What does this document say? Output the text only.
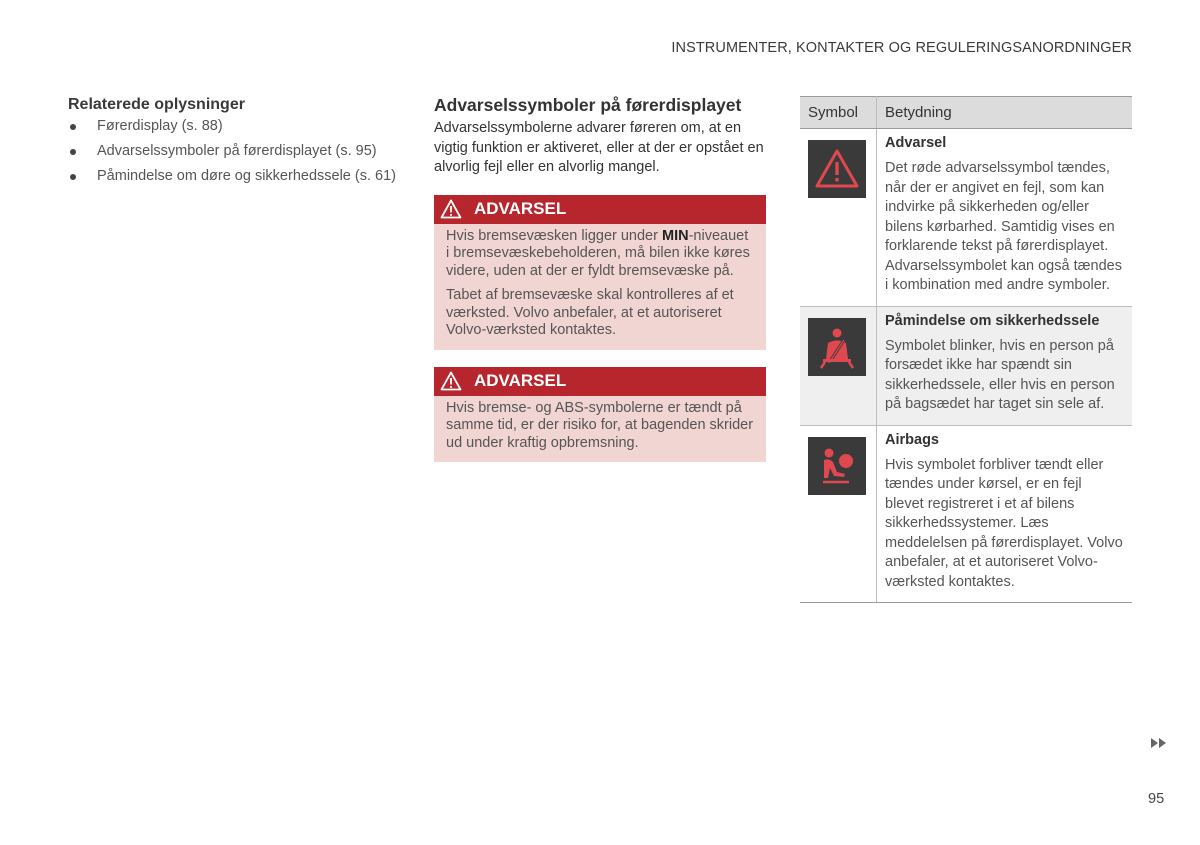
INSTRUMENTER, KONTAKTER OG REGULERINGSANORDNINGER
Relaterede oplysninger
Førerdisplay (s. 88)
Advarselssymboler på førerdisplayet (s. 95)
Påmindelse om døre og sikkerhedssele (s. 61)
Advarselssymboler på førerdisplayet

Advarselssymbolerne advarer føreren om, at en vigtig funktion er aktiveret, eller at der er opstået en alvorlig fejl eller en alvorlig mangel.

ADVARSEL

Hvis bremsevæsken ligger under MIN-niveauet i bremsevæskebeholderen, må bilen ikke køres videre, uden at der er fyldt bremsevæske på.

Tabet af bremsevæske skal kontrolleres af et værksted. Volvo anbefaler, at et autoriseret Volvo-værksted kontaktes.

ADVARSEL

Hvis bremse- og ABS-symbolerne er tændt på samme tid, er der risiko for, at bagenden skrider ud under kraftig opbremsning.

Symbol	Betydning

Advarsel

Det røde advarselssymbol tændes, når der er angivet en fejl, som kan indvirke på sikkerheden og/eller bilens kørbarhed. Samtidig vises en forklarende tekst på førerdisplayet. Advarselssymbolet kan også tændes i kombination med andre symboler.

Påmindelse om sikkerhedssele

Symbolet blinker, hvis en person på forsædet ikke har spændt sin sikkerhedssele, eller hvis en person på bagsædet har taget sin sele af.

Airbags

Hvis symbolet forbliver tændt eller tændes under kørsel, er en fejl blevet registreret i et af bilens sikkerhedssystemer. Læs meddelelsen på førerdisplayet. Volvo anbefaler, at et autoriseret Volvo-værksted kontaktes.

95
